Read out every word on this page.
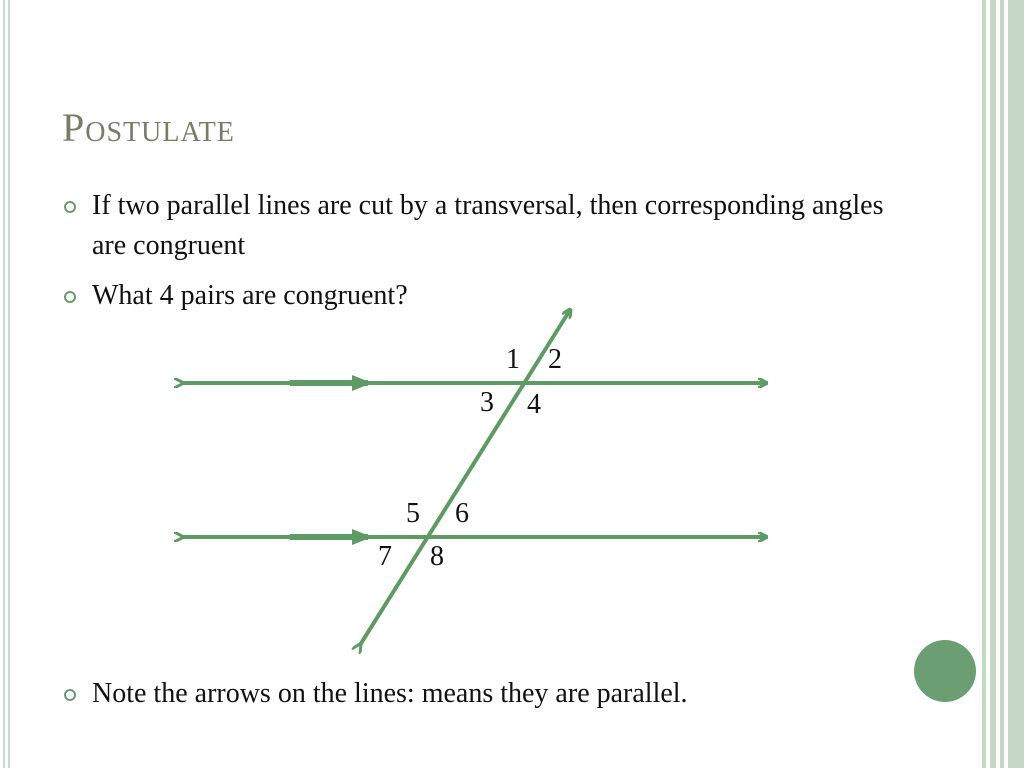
Postulate
If two parallel lines are cut by a transversal, then corresponding angles are congruent
What 4 pairs are congruent?
Note the arrows on the lines: means they are parallel.
1 2
3 4
5 6
7 8
